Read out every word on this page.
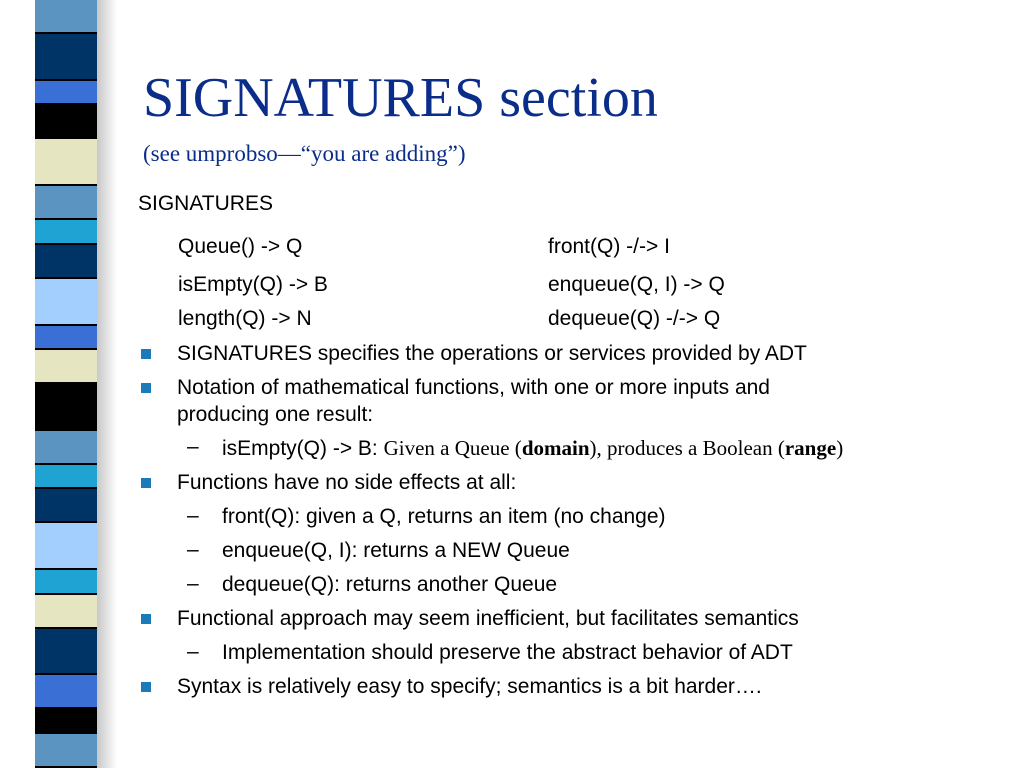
SIGNATURES section
(see umprobso—“you are adding”)
SIGNATURES
Queue() -> Q	front(Q) -/-> I
isEmpty(Q) -> B	enqueue(Q, I) -> Q
length(Q) -> N	dequeue(Q) -/-> Q
SIGNATURES specifies the operations or services provided by ADT
Notation of mathematical functions, with one or more inputs and
producing one result:
– isEmpty(Q) -> B: Given a Queue (domain), produces a Boolean (range)
Functions have no side effects at all:
– front(Q): given a Q, returns an item (no change)
– enqueue(Q, I): returns a NEW Queue
– dequeue(Q): returns another Queue
Functional approach may seem inefficient, but facilitates semantics
– Implementation should preserve the abstract behavior of ADT
Syntax is relatively easy to specify; semantics is a bit harder….
